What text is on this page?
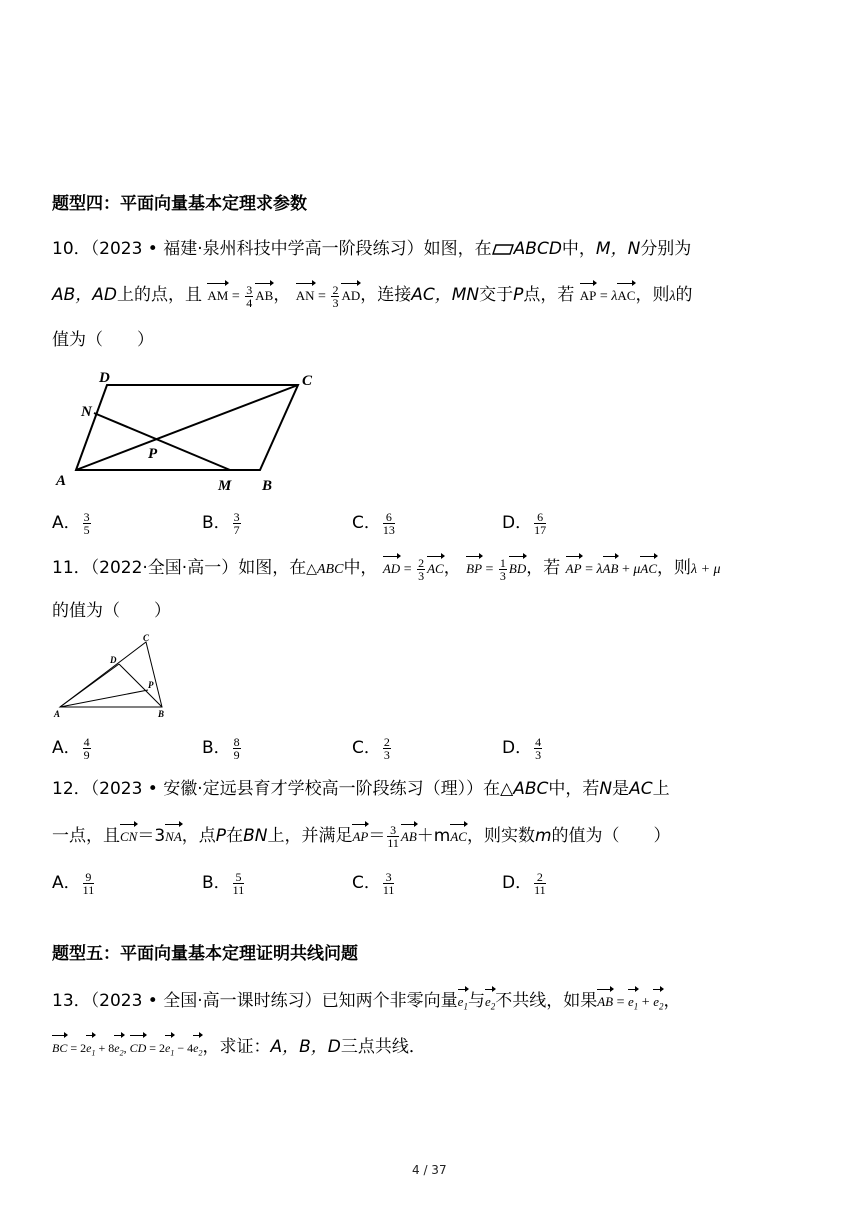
题型四：平面向量基本定理求参数
10．（2023 • 福建·泉州科技中学高一阶段练习）如图，在 ABCD中，M，N分别为
AB，AD上的点，且 AM = $\frac{3}{4}$ AB， AN = $\frac{2}{3}$ AD，连接AC，MN交于P点，若 AP = λAC，则λ的
值为（　　）
D	C
N
P
A	M B
A． $\frac{3}{5}$	B． $\frac{3}{7}$	C． $\frac{6}{13}$	D． $\frac{6}{17}$
11．（2022·全国·高一）如图，在△ABC中， AD = $\frac{2}{3}$ AC， BP = $\frac{1}{3}$ BD，若 AP = λAB + μAC，则λ + μ
的值为（　　）
C
D
P
A	B
A． $\frac{4}{9}$	B． $\frac{8}{9}$	C． $\frac{2}{3}$	D． $\frac{4}{3}$
12．（2023 • 安徽·定远县育才学校高一阶段练习（理））在△ABC中，若N是AC上
一点，且CN＝3NA，点P在BN上，并满足$AP= \frac{3}{11} AB+mAC$，则实数m的值为（　　）
A． $\frac{9}{11}$	B． $\frac{5}{11}$	C． $\frac{3}{11}$	D． $\frac{2}{11}$
题型五：平面向量基本定理证明共线问题
13．（2023 • 全国·高一课时练习）已知两个非零向量$e_1$与$e_2$不共线，如果AB = $e_1 + e_2$，
BC = $2e_1 + 8e_2$, CD = $2e_1 - 4e_2$，求证：A，B，D三点共线．
4 / 37
